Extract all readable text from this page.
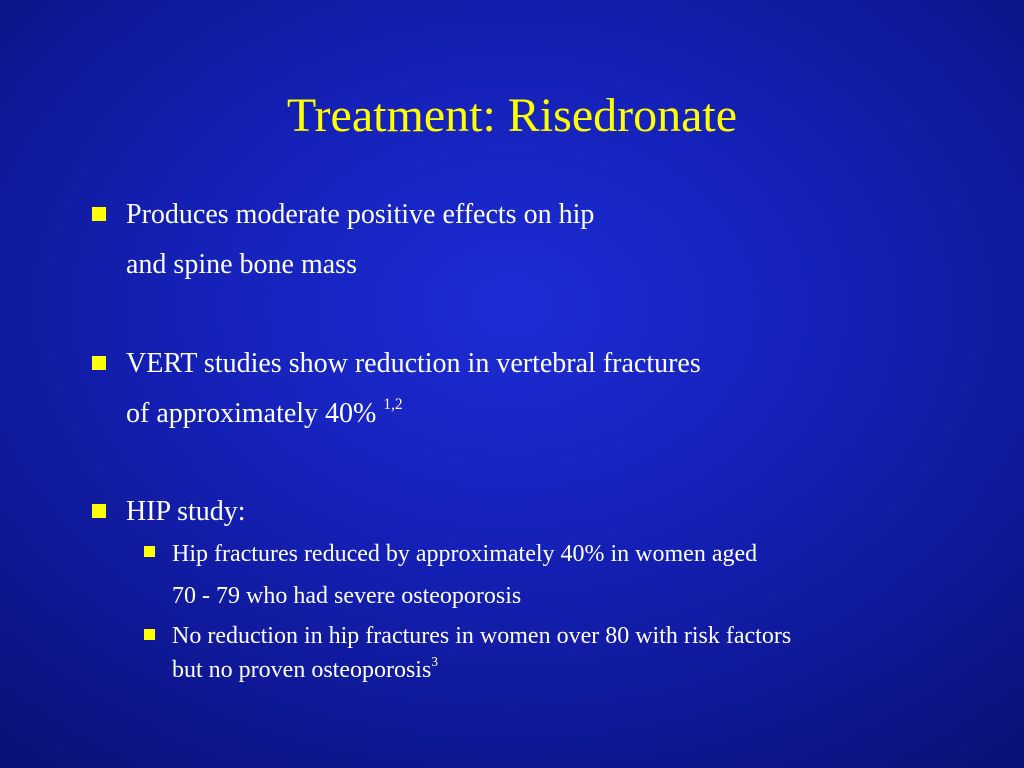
Treatment: Risedronate
Produces moderate positive effects on hip
and spine bone mass
VERT studies show reduction in vertebral fractures
of approximately 40% $^{1,2}$
HIP study:
Hip fractures reduced by approximately 40% in women aged
70 - 79 who had severe osteoporosis
No reduction in hip fractures in women over 80 with risk factors
but no proven osteoporosis$^3$
